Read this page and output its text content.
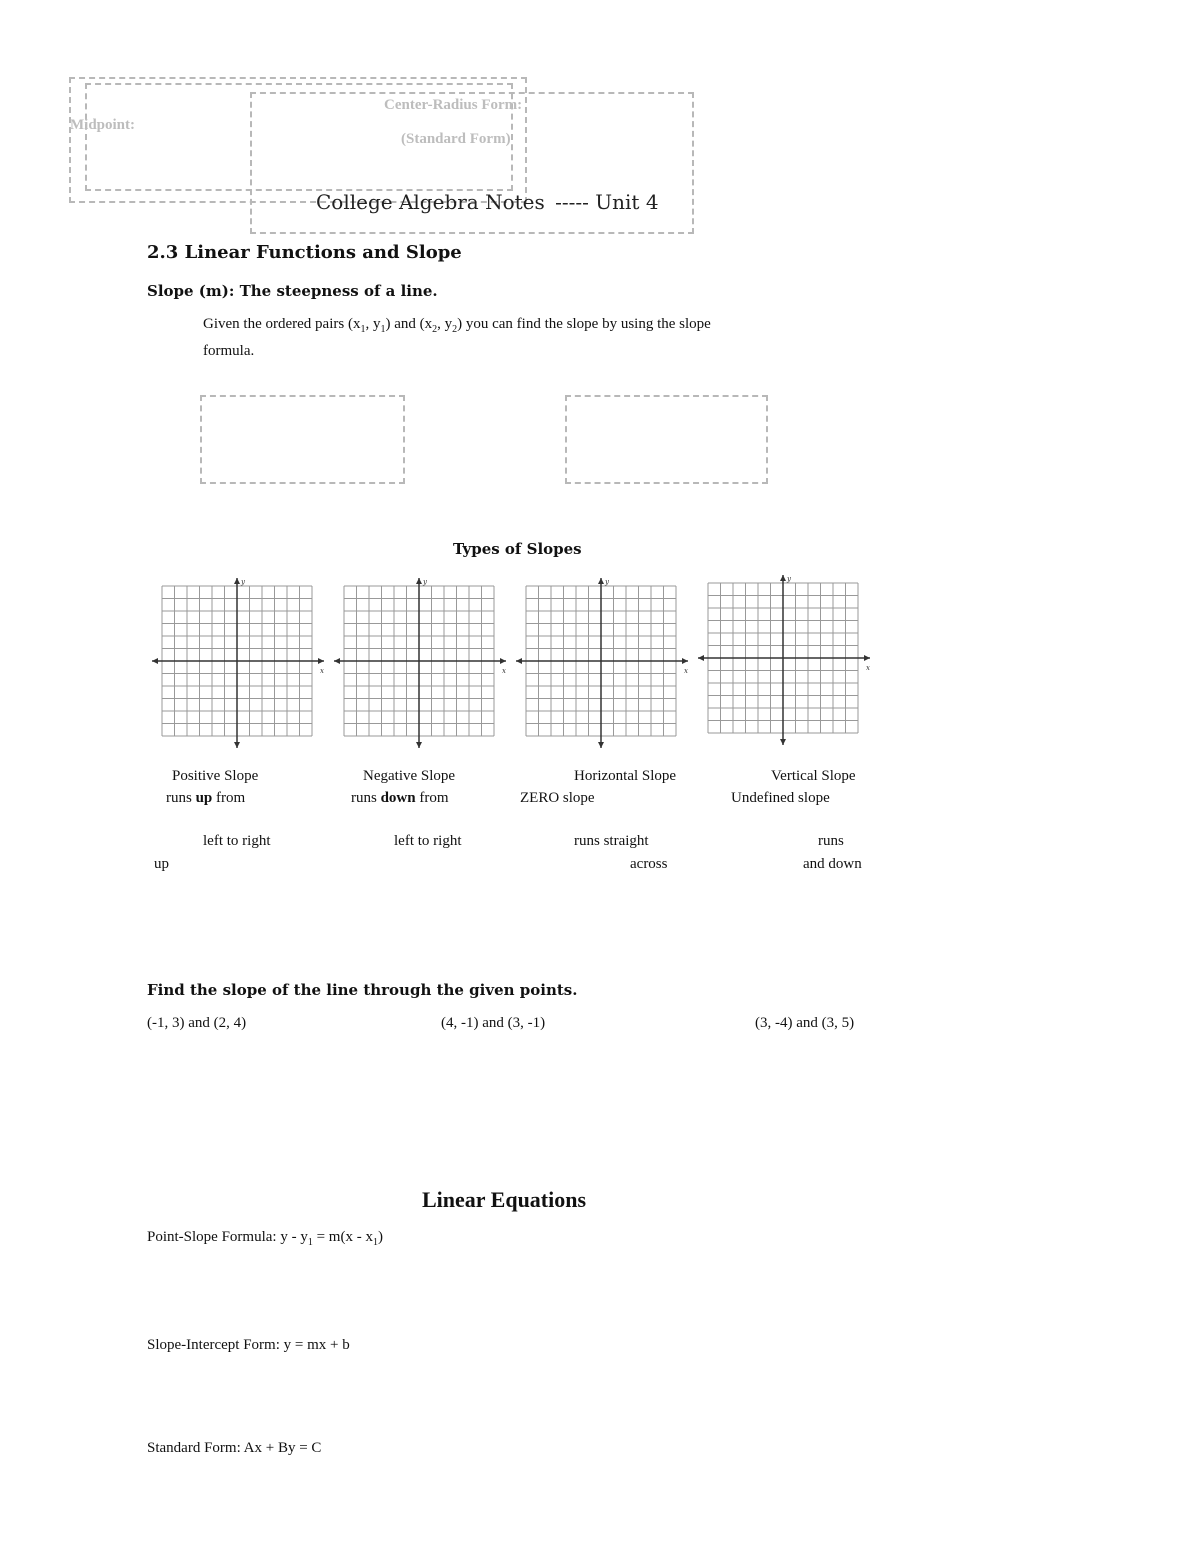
Midpoint:
Center-Radius Form:
(Standard Form)
College Algebra Notes ----- Unit 4
2.3 Linear Functions and Slope
Slope (m): The steepness of a line.
Given the ordered pairs ($x_1$, $y_1$) and ($x_2$, $y_2$) you can find the slope by using the slope
formula.
Types of Slopes
x
y
x
y
x
y
x
y
Positive Slope
runs up from
left to right
up
Negative Slope
runs down from
left to right
Horizontal Slope
ZERO slope
runs straight
across
Vertical Slope
Undefined slope
runs
and down
Find the slope of the line through the given points.
(-1, 3) and (2, 4)	(4, -1) and (3, -1)	(3, -4) and (3, 5)
Linear Equations
Point-Slope Formula: $y - y_1 = m(x - x_1)$
Slope-Intercept Form: y = mx + b
Standard Form: Ax + By = C
